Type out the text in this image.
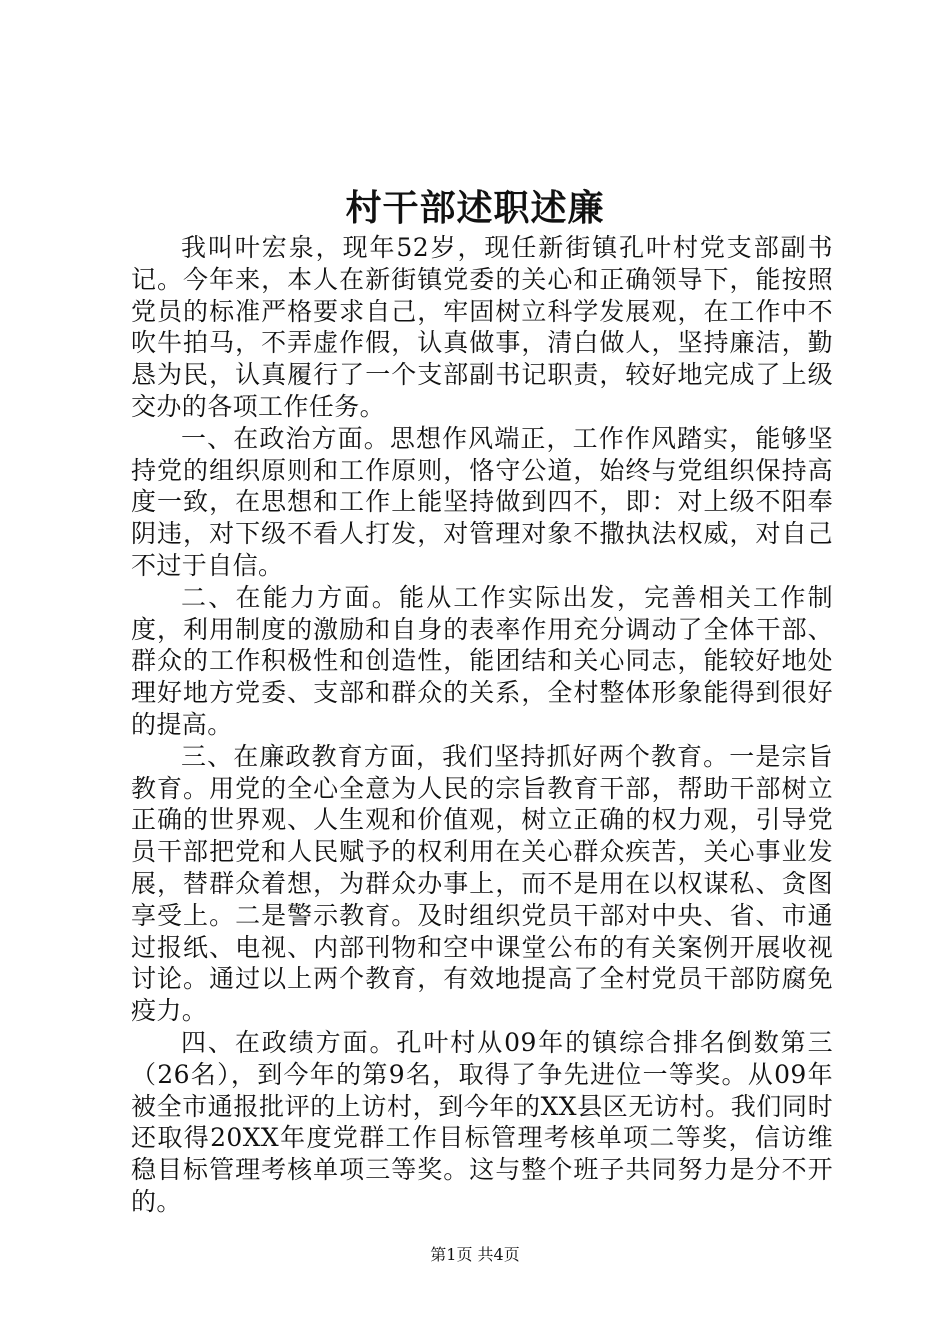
村干部述职述廉

我叫叶宏泉，现年52岁，现任新街镇孔叶村党支部副书记。今年来，本人在新街镇党委的关心和正确领导下，能按照党员的标准严格要求自己，牢固树立科学发展观，在工作中不吹牛拍马，不弄虚作假，认真做事，清白做人，坚持廉洁，勤恳为民，认真履行了一个支部副书记职责，较好地完成了上级交办的各项工作任务。

一、在政治方面。思想作风端正，工作作风踏实，能够坚持党的组织原则和工作原则，恪守公道，始终与党组织保持高度一致，在思想和工作上能坚持做到四不，即：对上级不阳奉阴违，对下级不看人打发，对管理对象不撒执法权威，对自己不过于自信。

二、在能力方面。能从工作实际出发，完善相关工作制度，利用制度的激励和自身的表率作用充分调动了全体干部、群众的工作积极性和创造性，能团结和关心同志，能较好地处理好地方党委、支部和群众的关系，全村整体形象能得到很好的提高。

三、在廉政教育方面，我们坚持抓好两个教育。一是宗旨教育。用党的全心全意为人民的宗旨教育干部，帮助干部树立正确的世界观、人生观和价值观，树立正确的权力观，引导党员干部把党和人民赋予的权利用在关心群众疾苦，关心事业发展，替群众着想，为群众办事上，而不是用在以权谋私、贪图享受上。二是警示教育。及时组织党员干部对中央、省、市通过报纸、电视、内部刊物和空中课堂公布的有关案例开展收视讨论。通过以上两个教育，有效地提高了全村党员干部防腐免疫力。

四、在政绩方面。孔叶村从09年的镇综合排名倒数第三（26名），到今年的第9名，取得了争先进位一等奖。从09年被全市通报批评的上访村，到今年的XX县区无访村。我们同时还取得20XX年度党群工作目标管理考核单项二等奖，信访维稳目标管理考核单项三等奖。这与整个班子共同努力是分不开的。

第1页 共4页
